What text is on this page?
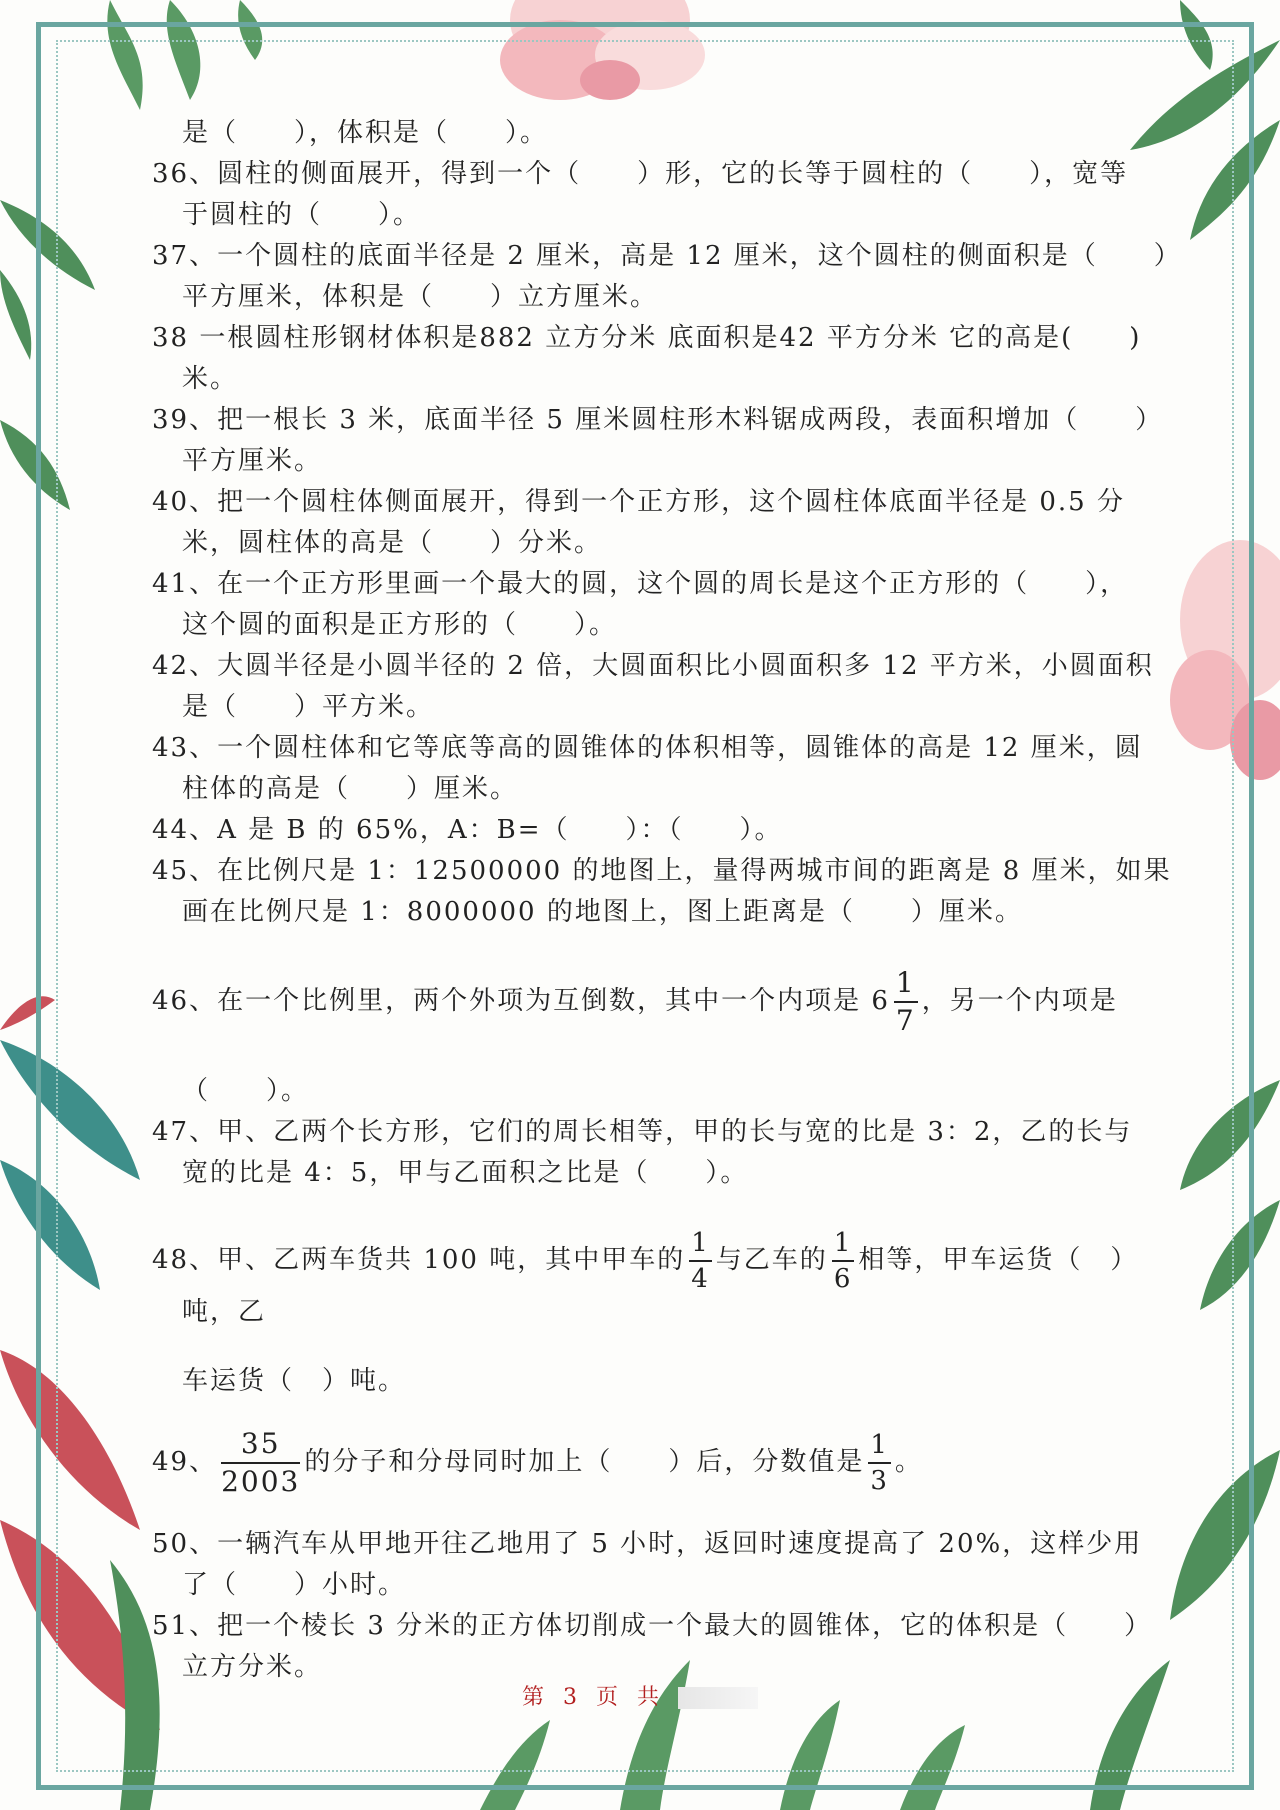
是（　　），体积是（　　）。

36、圆柱的侧面展开，得到一个（　　）形，它的长等于圆柱的（　　），宽等
于圆柱的（　　）。

37、一个圆柱的底面半径是 2 厘米，高是 12 厘米，这个圆柱的侧面积是（　　）
平方厘米，体积是（　　）立方厘米。

38 一根圆柱形钢材体积是882 立方分米 底面积是42 平方分米 它的高是(　　)
米。

39、把一根长 3 米，底面半径 5 厘米圆柱形木料锯成两段，表面积增加（　　）
平方厘米。

40、把一个圆柱体侧面展开，得到一个正方形，这个圆柱体底面半径是 0.5 分
米，圆柱体的高是（　　）分米。

41、在一个正方形里画一个最大的圆，这个圆的周长是这个正方形的（　　），
这个圆的面积是正方形的（　　）。

42、大圆半径是小圆半径的 2 倍，大圆面积比小圆面积多 12 平方米，小圆面积
是（　　）平方米。

43、一个圆柱体和它等底等高的圆锥体的体积相等，圆锥体的高是 12 厘米，圆
柱体的高是（　　）厘米。

44、A 是 B 的 65%，A：B=（　　）：（　　）。

45、在比例尺是 1：12500000 的地图上，量得两城市间的距离是 8 厘米，如果
画在比例尺是 1：8000000 的地图上，图上距离是（　　）厘米。

46、在一个比例里，两个外项为互倒数，其中一个内项是 $6 \frac{1}{7}$ ，另一个内项是

（　　）。

47、甲、乙两个长方形，它们的周长相等，甲的长与宽的比是 3：2，乙的长与
宽的比是 4：5，甲与乙面积之比是（　　）。

48、甲、乙两车货共 100 吨，其中甲车的 $\frac{1}{4}$ 与乙车的 $\frac{1}{6}$ 相等，甲车运货（　）吨，乙

车运货（　）吨。

49、 $\frac{35}{2003}$ 的分子和分母同时加上（　　）后，分数值是 $\frac{1}{3}$ 。

50、一辆汽车从甲地开往乙地用了 5 小时，返回时速度提高了 20%，这样少用
了（　　）小时。

51、把一个棱长 3 分米的正方体切削成一个最大的圆锥体，它的体积是（　　）
立方分米。

第 3 页 共
